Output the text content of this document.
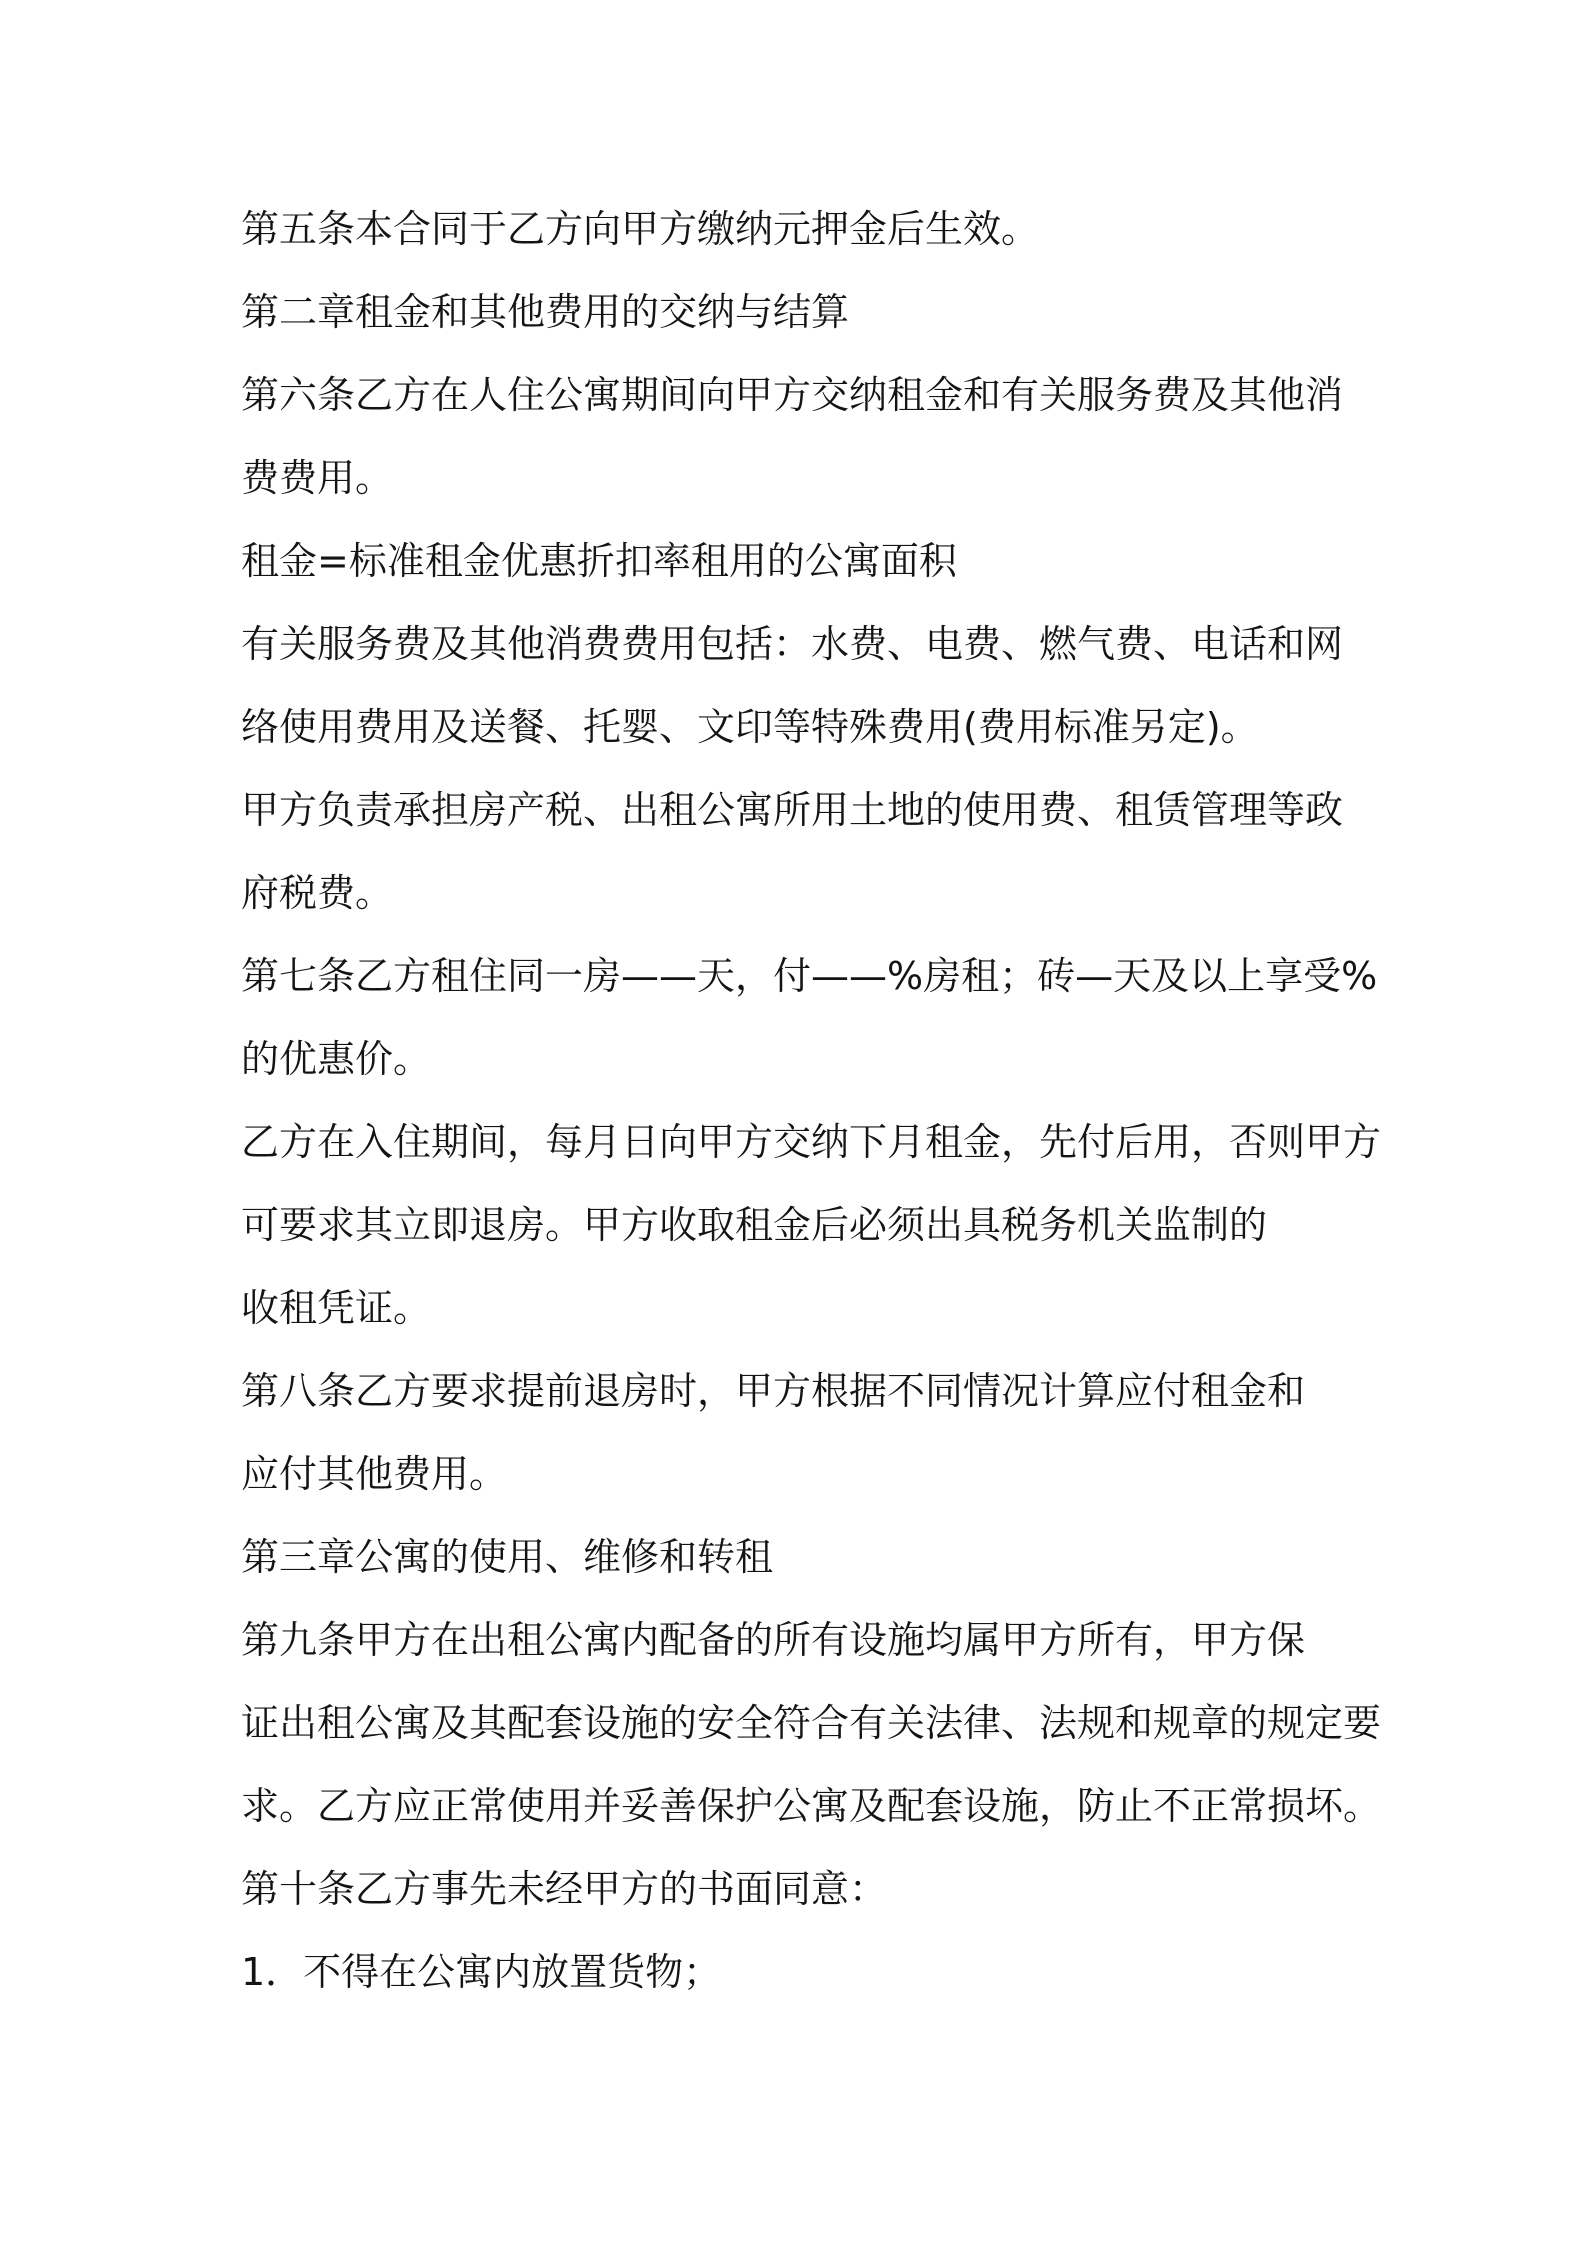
第五条本合同于乙方向甲方缴纳元押金后生效。
第二章租金和其他费用的交纳与结算
第六条乙方在人住公寓期间向甲方交纳租金和有关服务费及其他消
费费用。
租金=标准租金优惠折扣率租用的公寓面积
有关服务费及其他消费费用包括：水费、电费、燃气费、电话和网
络使用费用及送餐、托婴、文印等特殊费用(费用标准另定)。
甲方负责承担房产税、出租公寓所用土地的使用费、租赁管理等政
府税费。
第七条乙方租住同一房——天，付——%房租；砖—天及以上享受%
的优惠价。
乙方在入住期间，每月日向甲方交纳下月租金，先付后用，否则甲方
可要求其立即退房。甲方收取租金后必须出具税务机关监制的
收租凭证。
第八条乙方要求提前退房时，甲方根据不同情况计算应付租金和
应付其他费用。
第三章公寓的使用、维修和转租
第九条甲方在出租公寓内配备的所有设施均属甲方所有，甲方保
证出租公寓及其配套设施的安全符合有关法律、法规和规章的规定要
求。乙方应正常使用并妥善保护公寓及配套设施，防止不正常损坏。
第十条乙方事先未经甲方的书面同意：
1．不得在公寓内放置货物；
